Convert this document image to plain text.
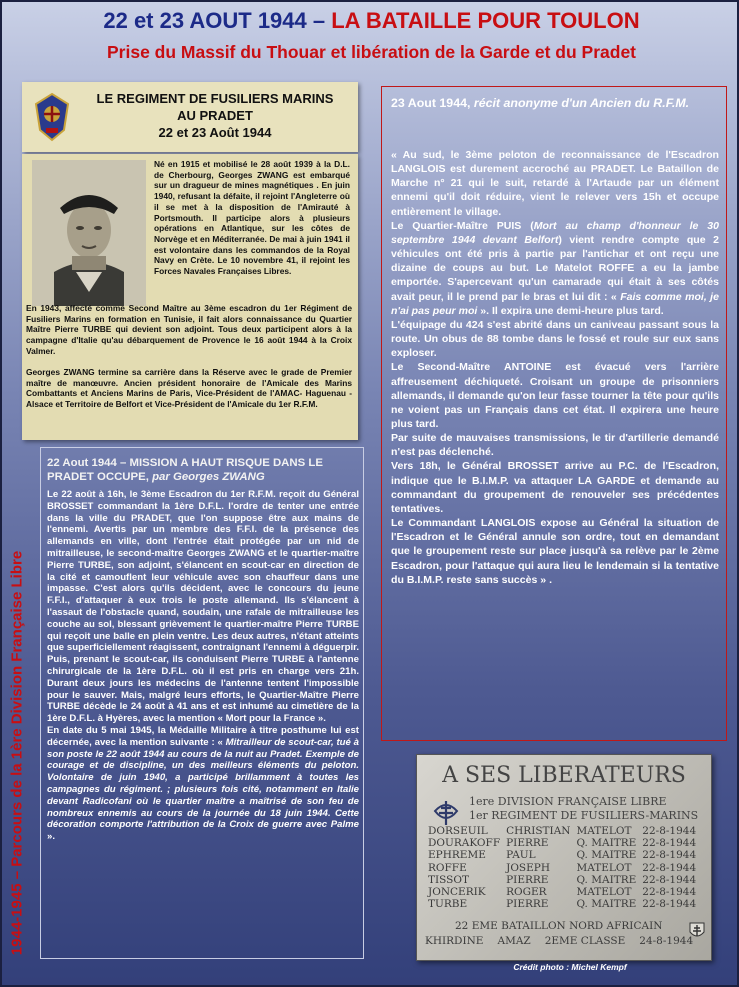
22 et 23 AOUT 1944 – LA BATAILLE POUR TOULON
Prise du Massif du Thouar et libération de la Garde et du Pradet
1944-1945 – Parcours de la 1ère Division Française Libre
LE REGIMENT DE FUSILIERS MARINS
AU PRADET
22 et 23 Août 1944
Né en 1915 et mobilisé le 28 août 1939 à la D.L. de Cherbourg, Georges ZWANG est embarqué sur un dragueur de mines magnétiques . En juin 1940, refusant la défaite, il rejoint l'Angleterre où il se met à la disposition de l'Amirauté à Portsmouth. Il participe alors à plusieurs opérations en Atlantique, sur les côtes de Norvège et en Méditerranée. De mai à juin 1941 il est volontaire dans les commandos de la Royal Navy en Crète. Le 10 novembre 41, il rejoint les Forces Navales Françaises Libres.
En 1943, affecté comme Second Maître au 3ème escadron du 1er Régiment de Fusiliers Marins en formation en Tunisie, il fait alors connaissance du Quartier Maître Pierre TURBE qui devient son adjoint. Tous deux participent alors à la campagne d'Italie qu'au débarquement de Provence le 16 août 1944 à la Croix Valmer.
Georges ZWANG termine sa carrière dans la Réserve avec le grade de Premier maître de manœuvre. Ancien président honoraire de l'Amicale des Marins Combattants et Anciens Marins de Paris, Vice-Président de l'AMAC- Haguenau -Alsace et Territoire de Belfort et Vice-Président de l'Amicale du 1er R.F.M.
22 Aout 1944 – MISSION A HAUT RISQUE DANS LE PRADET OCCUPE, par Georges ZWANG

Le 22 août à 16h, le 3ème Escadron du 1er R.F.M. reçoit du Général BROSSET commandant la 1ère D.F.L. l'ordre de tenter une entrée dans la ville du PRADET, que l'on suppose être aux mains de l'ennemi. Avertis par un membre des F.F.I. de la présence des allemands en ville, dont l'entrée était protégée par un nid de mitrailleuse, le second-maître Georges ZWANG et le quartier-maître Pierre TURBE, son adjoint, s'élancent en scout-car en direction de la cité et camouflent leur véhicule avec son chauffeur dans une impasse. C'est alors qu'ils décident, avec le concours du jeune F.F.I., d'attaquer à eux trois le poste allemand. Ils s'élancent à l'assaut de l'obstacle quand, soudain, une rafale de mitrailleuse les couche au sol, blessant grièvement le quartier-maître Pierre TURBE qui reçoit une balle en plein ventre. Les deux autres, n'étant atteints que superficiellement réagissent, contraignant l'ennemi à déguerpir. Puis, prenant le scout-car, ils conduisent Pierre TURBE à l'antenne chirurgicale de la 1ère D.F.L. où il est pris en charge vers 21h. Durant deux jours les médecins de l'antenne tentent l'impossible pour le sauver. Mais, malgré leurs efforts, le Quartier-Maître Pierre TURBE décède le 24 août à 41 ans et est inhumé au cimetière de la 1ère D.F.L. à Hyères, avec la mention « Mort pour la France ».

En date du 5 mai 1945, la Médaille Militaire à titre posthume lui est décernée, avec la mention suivante : « Mitrailleur de scout-car, tué à son poste le 22 août 1944 au cours de la nuit au Pradet. Exemple de courage et de discipline, un des meilleurs éléments du peloton. Volontaire de juin 1940, a participé brillamment à toutes les campagnes du régiment. ; plusieurs fois cité, notamment en Italie devant Radicofani où le quartier maître a maîtrisé de son feu de nombreux ennemis au cours de la journée du 18 juin 1944. Cette décoration comporte l'attribution de la Croix de guerre avec Palme ».

23 Aout 1944, récit anonyme d'un Ancien du R.F.M.

« Au sud, le 3ème peloton de reconnaissance de l'Escadron LANGLOIS est durement accroché au PRADET. Le Bataillon de Marche n° 21 qui le suit, retardé à l'Artaude par un élément ennemi qu'il doit réduire, vient le relever vers 15h et occupe entièrement le village.

Le Quartier-Maître PUIS (Mort au champ d'honneur le 30 septembre 1944 devant Belfort) vient rendre compte que 2 véhicules ont été pris à partie par l'antichar et ont reçu une dizaine de coups au but. Le Matelot ROFFE a eu la jambe emportée. S'apercevant qu'un camarade qui était à ses côtés avait peur, il le prend par le bras et lui dit : « Fais comme moi, je n'ai pas peur moi ». Il expira une demi-heure plus tard.

L'équipage du 424 s'est abrité dans un caniveau passant sous la route. Un obus de 88 tombe dans le fossé et roule sur eux sans exploser.

Le Second-Maître ANTOINE est évacué vers l'arrière affreusement déchiqueté. Croisant un groupe de prisonniers allemands, il demande qu'on leur fasse tourner la tête pour qu'ils ne voient pas un Français dans cet état. Il expirera une heure plus tard.

Par suite de mauvaises transmissions, le tir d'artillerie demandé n'est pas déclenché.

Vers 18h, le Général BROSSET arrive au P.C. de l'Escadron, indique que le B.I.M.P. va attaquer LA GARDE et demande au commandant du groupement de renouveler ses précédentes tentatives.

Le Commandant LANGLOIS expose au Général la situation de l'Escadron et le Général annule son ordre, tout en demandant que le groupement reste sur place jusqu'à sa relève par le 2ème Escadron, pour l'attaque qui aura lieu le lendemain si la tentative du B.I.M.P. reste sans succès » .

A SES LIBERATEURS
1ere DIVISION FRANÇAISE LIBRE
1er REGIMENT DE FUSILIERS-MARINS
DORSEUIL	CHRISTIAN	MATELOT	22-8-1944
DOURAKOFF	PIERRE	Q. MAITRE	22-8-1944
EPHREME	PAUL	Q. MAITRE	22-8-1944
ROFFE	JOSEPH	MATELOT	22-8-1944
TISSOT	PIERRE	Q. MAITRE	22-8-1944
JONCERIK	ROGER	MATELOT	22-8-1944
TURBE	PIERRE	Q. MAITRE	22-8-1944
22 EME BATAILLON NORD AFRICAIN
KHIRDINE AMAZ 2EME CLASSE 24-8-1944
Crédit photo : Michel Kempf
